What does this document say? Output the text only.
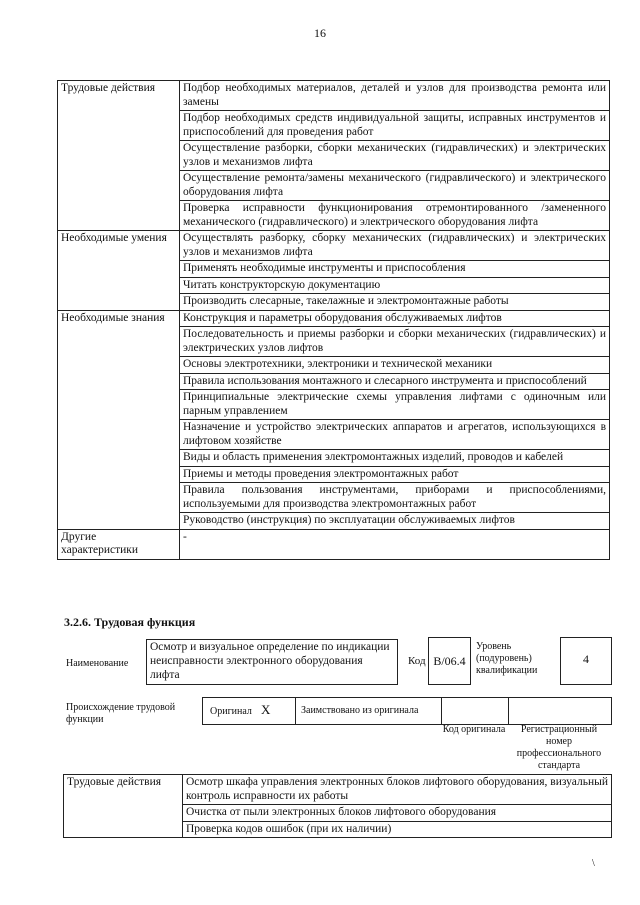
16
Трудовые действия	Подбор необходимых материалов, деталей и узлов для производства ремонта или замены
	Подбор необходимых средств индивидуальной защиты, исправных инструментов и приспособлений для проведения работ
	Осуществление разборки, сборки механических (гидравлических) и электрических узлов и механизмов лифта
	Осуществление ремонта/замены механического (гидравлического) и электрического оборудования лифта
	Проверка исправности функционирования отремонтированного /замененного механического (гидравлического) и электрического оборудования лифта
Необходимые умения	Осуществлять разборку, сборку механических (гидравлических) и электрических узлов и механизмов лифта
	Применять необходимые инструменты и приспособления
	Читать конструкторскую документацию
	Производить слесарные, такелажные и электромонтажные работы
Необходимые знания	Конструкция и параметры оборудования обслуживаемых лифтов
	Последовательность и приемы разборки и сборки механических (гидравлических) и электрических узлов лифтов
	Основы электротехники, электроники и технической механики
	Правила использования монтажного и слесарного инструмента и приспособлений
	Принципиальные электрические схемы управления лифтами с одиночным или парным управлением
	Назначение и устройство электрических аппаратов и агрегатов, использующихся в лифтовом хозяйстве
	Виды и область применения электромонтажных изделий, проводов и кабелей
	Приемы и методы проведения электромонтажных работ
	Правила пользования инструментами, приборами и приспособлениями, используемыми для производства электромонтажных работ
	Руководство (инструкция) по эксплуатации обслуживаемых лифтов
Другие характеристики	-
3.2.6. Трудовая функция
Наименование
Осмотр и визуальное определение по индикации неисправности электронного оборудования лифта
Код B/06.4
Уровень (подуровень) квалификации
4
Происхождение трудовой функции
Оригинал X	Заимствовано из оригинала
Код оригинала	Регистрационный номер профессионального стандарта
Трудовые действия	Осмотр шкафа управления электронных блоков лифтового оборудования, визуальный контроль исправности их работы
Очистка от пыли электронных блоков лифтового оборудования
Проверка кодов ошибок (при их наличии)
\
